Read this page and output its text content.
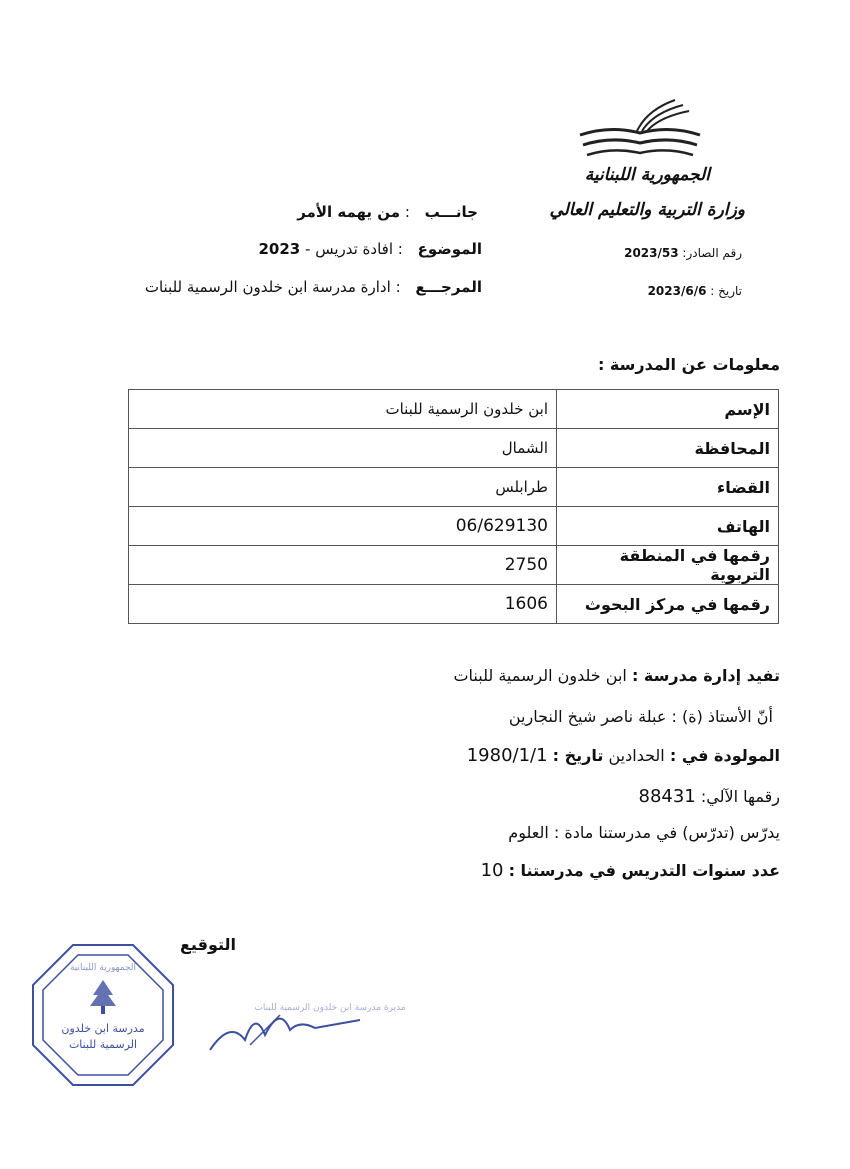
الجمهورية اللبنانية
وزارة التربية والتعليم العالي
جانـــب : من يهمه الأمر
الموضوع : افادة تدريس - 2023
المرجـــع : ادارة مدرسة ابن خلدون الرسمية للبنات
رقم الصادر: 2023/53
تاريخ : 2023/6/6
معلومات عن المدرسة :
الإسم	ابن خلدون الرسمية للبنات
المحافظة	الشمال
القضاء	طرابلس
الهاتف	06/629130
رقمها في المنطقة التربوية	2750
رقمها في مركز البحوث	1606
تفيد إدارة مدرسة : ابن خلدون الرسمية للبنات
أنّ الأستاذ (ة) : عبلة ناصر شيخ النجارين
المولودة في : الحدادين تاريخ : 1980/1/1
رقمها الآلي: 88431
يدرّس (تدرّس) في مدرستنا مادة : العلوم
عدد سنوات التدريس في مدرستنا : 10
التوقيع
مدرسة ابن خلدون
الرسمية للبنات
الجمهورية اللبنانية
مديرة مدرسة ابن خلدون الرسمية للبنات
